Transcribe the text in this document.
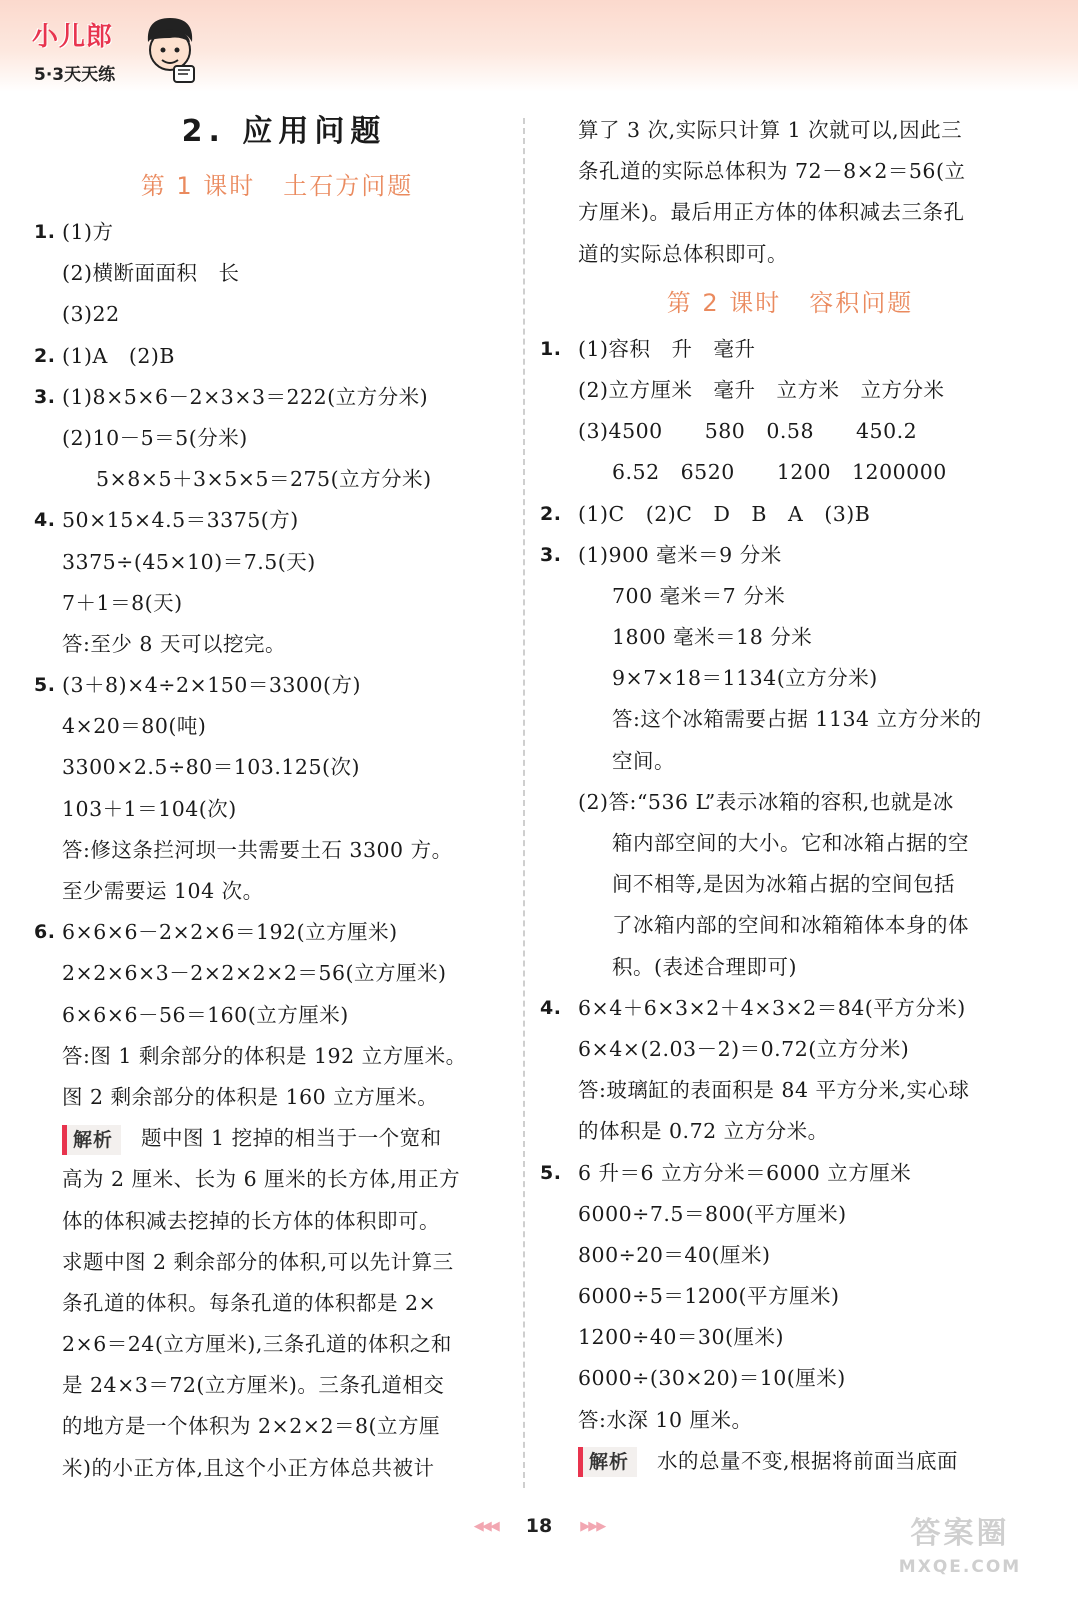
小儿郎
5·3天天练
2. 应用问题
第 1 课时 土石方问题
1. (1)方
(2)横断面面积　长
(3)22
2. (1)A　(2)B
3. (1)8×5×6－2×3×3＝222(立方分米)
(2)10－5＝5(分米)
5×8×5＋3×5×5＝275(立方分米)
4. 50×15×4.5＝3375(方)
3375÷(45×10)＝7.5(天)
7＋1＝8(天)
答:至少 8 天可以挖完。
5. (3＋8)×4÷2×150＝3300(方)
4×20＝80(吨)
3300×2.5÷80＝103.125(次)
103＋1＝104(次)
答:修这条拦河坝一共需要土石 3300 方。
至少需要运 104 次。
6. 6×6×6－2×2×6＝192(立方厘米)
2×2×6×3－2×2×2×2＝56(立方厘米)
6×6×6－56＝160(立方厘米)
答:图 1 剩余部分的体积是 192 立方厘米。
图 2 剩余部分的体积是 160 立方厘米。
解析 题中图 1 挖掉的相当于一个宽和
高为 2 厘米、长为 6 厘米的长方体,用正方
体的体积减去挖掉的长方体的体积即可。
求题中图 2 剩余部分的体积,可以先计算三
条孔道的体积。每条孔道的体积都是 2×
2×6＝24(立方厘米),三条孔道的体积之和
是 24×3＝72(立方厘米)。三条孔道相交
的地方是一个体积为 2×2×2＝8(立方厘
米)的小正方体,且这个小正方体总共被计
算了 3 次,实际只计算 1 次就可以,因此三
条孔道的实际总体积为 72－8×2＝56(立
方厘米)。最后用正方体的体积减去三条孔
道的实际总体积即可。
第 2 课时 容积问题
1. (1)容积　升　毫升
(2)立方厘米　毫升　立方米　立方分米
(3)4500　　580　0.58　　450.2
6.52　6520　　1200　1200000
2. (1)C　(2)C　D　B　A　(3)B
3. (1)900 毫米＝9 分米
700 毫米＝7 分米
1800 毫米＝18 分米
9×7×18＝1134(立方分米)
答:这个冰箱需要占据 1134 立方分米的
空间。
(2)答:“536 L”表示冰箱的容积,也就是冰
箱内部空间的大小。它和冰箱占据的空
间不相等,是因为冰箱占据的空间包括
了冰箱内部的空间和冰箱箱体本身的体
积。(表述合理即可)
4. 6×4＋6×3×2＋4×3×2＝84(平方分米)
6×4×(2.03－2)＝0.72(立方分米)
答:玻璃缸的表面积是 84 平方分米,实心球
的体积是 0.72 立方分米。
5. 6 升＝6 立方分米＝6000 立方厘米
6000÷7.5＝800(平方厘米)
800÷20＝40(厘米)
6000÷5＝1200(平方厘米)
1200÷40＝30(厘米)
6000÷(30×20)＝10(厘米)
答:水深 10 厘米。
解析 水的总量不变,根据将前面当底面
◀◀◀ 18 ▶▶▶	答案圈
MXQE.COM
